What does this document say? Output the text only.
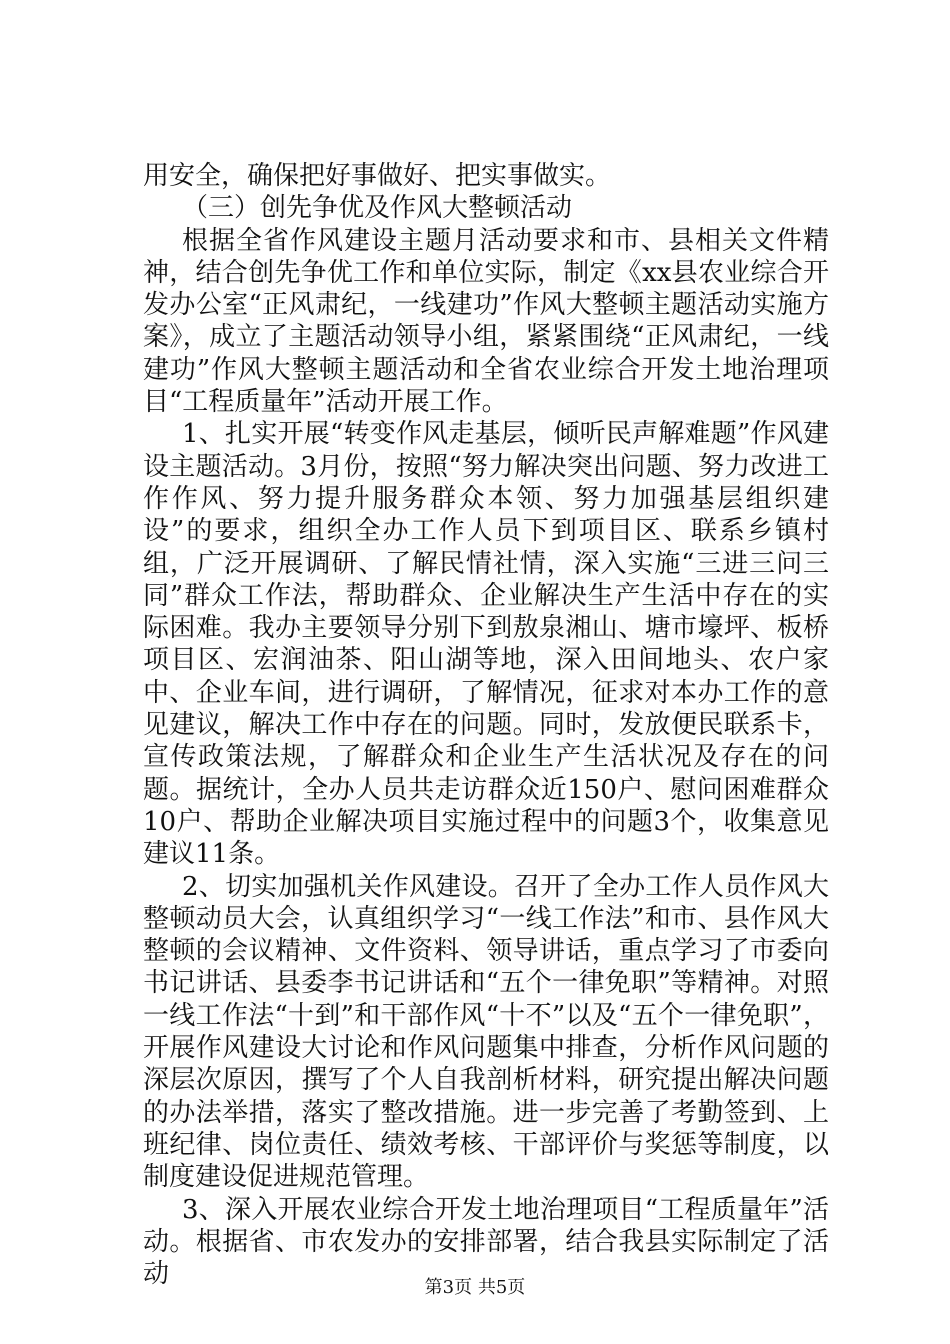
用安全，确保把好事做好、把实事做实。

（三）创先争优及作风大整顿活动

根据全省作风建设主题月活动要求和市、县相关文件精神，结合创先争优工作和单位实际，制定《xx县农业综合开发办公室“正风肃纪，一线建功”作风大整顿主题活动实施方案》，成立了主题活动领导小组，紧紧围绕“正风肃纪，一线建功”作风大整顿主题活动和全省农业综合开发土地治理项目“工程质量年”活动开展工作。

1、扎实开展“转变作风走基层，倾听民声解难题”作风建设主题活动。3月份，按照“努力解决突出问题、努力改进工作作风、努力提升服务群众本领、努力加强基层组织建设”的要求，组织全办工作人员下到项目区、联系乡镇村组，广泛开展调研、了解民情社情，深入实施“三进三问三同”群众工作法，帮助群众、企业解决生产生活中存在的实际困难。我办主要领导分别下到敖泉湘山、塘市壕坪、板桥项目区、宏润油茶、阳山湖等地，深入田间地头、农户家中、企业车间，进行调研，了解情况，征求对本办工作的意见建议，解决工作中存在的问题。同时，发放便民联系卡，宣传政策法规，了解群众和企业生产生活状况及存在的问题。据统计，全办人员共走访群众近150户、慰问困难群众10户、帮助企业解决项目实施过程中的问题3个，收集意见建议11条。

2、切实加强机关作风建设。召开了全办工作人员作风大整顿动员大会，认真组织学习“一线工作法”和市、县作风大整顿的会议精神、文件资料、领导讲话，重点学习了市委向书记讲话、县委李书记讲话和“五个一律免职”等精神。对照一线工作法“十到”和干部作风“十不”以及“五个一律免职”，开展作风建设大讨论和作风问题集中排查，分析作风问题的深层次原因，撰写了个人自我剖析材料，研究提出解决问题的办法举措，落实了整改措施。进一步完善了考勤签到、上班纪律、岗位责任、绩效考核、干部评价与奖惩等制度，以制度建设促进规范管理。

3、深入开展农业综合开发土地治理项目“工程质量年”活动。根据省、市农发办的安排部署，结合我县实际制定了活动	第3页 共5页
